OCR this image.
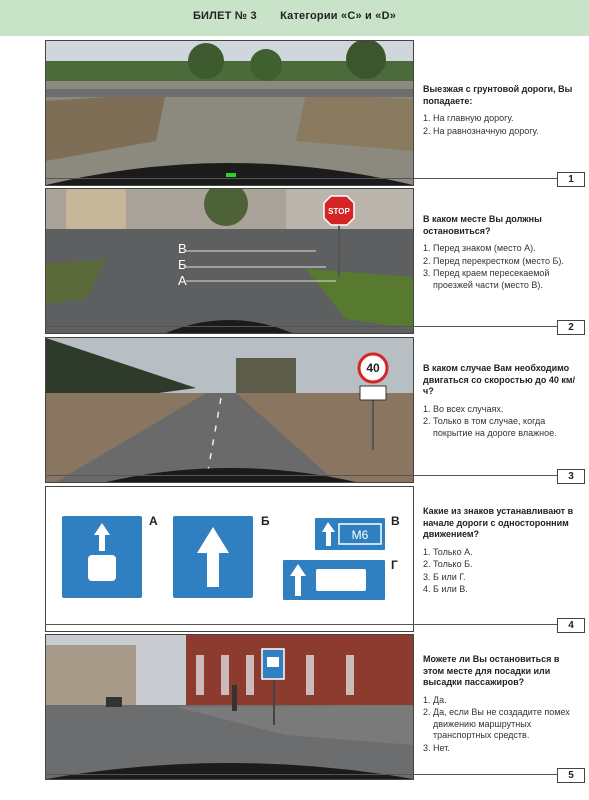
БИЛЕТ № 3 Категории «C» и «D»
Выезжая с грунтовой дороги, Вы попадаете:
1. На главную дорогу.
2. На равнозначную дорогу.
1
STOP
В
Б
А
В каком месте Вы должны остановиться?
1. Перед знаком (место А).
2. Перед перекрестком (место Б).
3. Перед краем пересекаемой проезжей части (место В).
2
40	В каком случае Вам необходимо двигаться со скоростью до 40 км/ч?
1. Во всех случаях.
2. Только в том случае, когда покрытие на дороге влажное.
3
А	Б
М6
В
Г
Какие из знаков устанавливают в начале дороги с односторонним движением?
1. Только А.
2. Только Б.
3. Б или Г.
4. Б или В.
4
Можете ли Вы остановиться в этом месте для посадки или высадки пассажиров?
1. Да.
2. Да, если Вы не создадите помех движению маршрутных транспортных средств.
3. Нет.
5
